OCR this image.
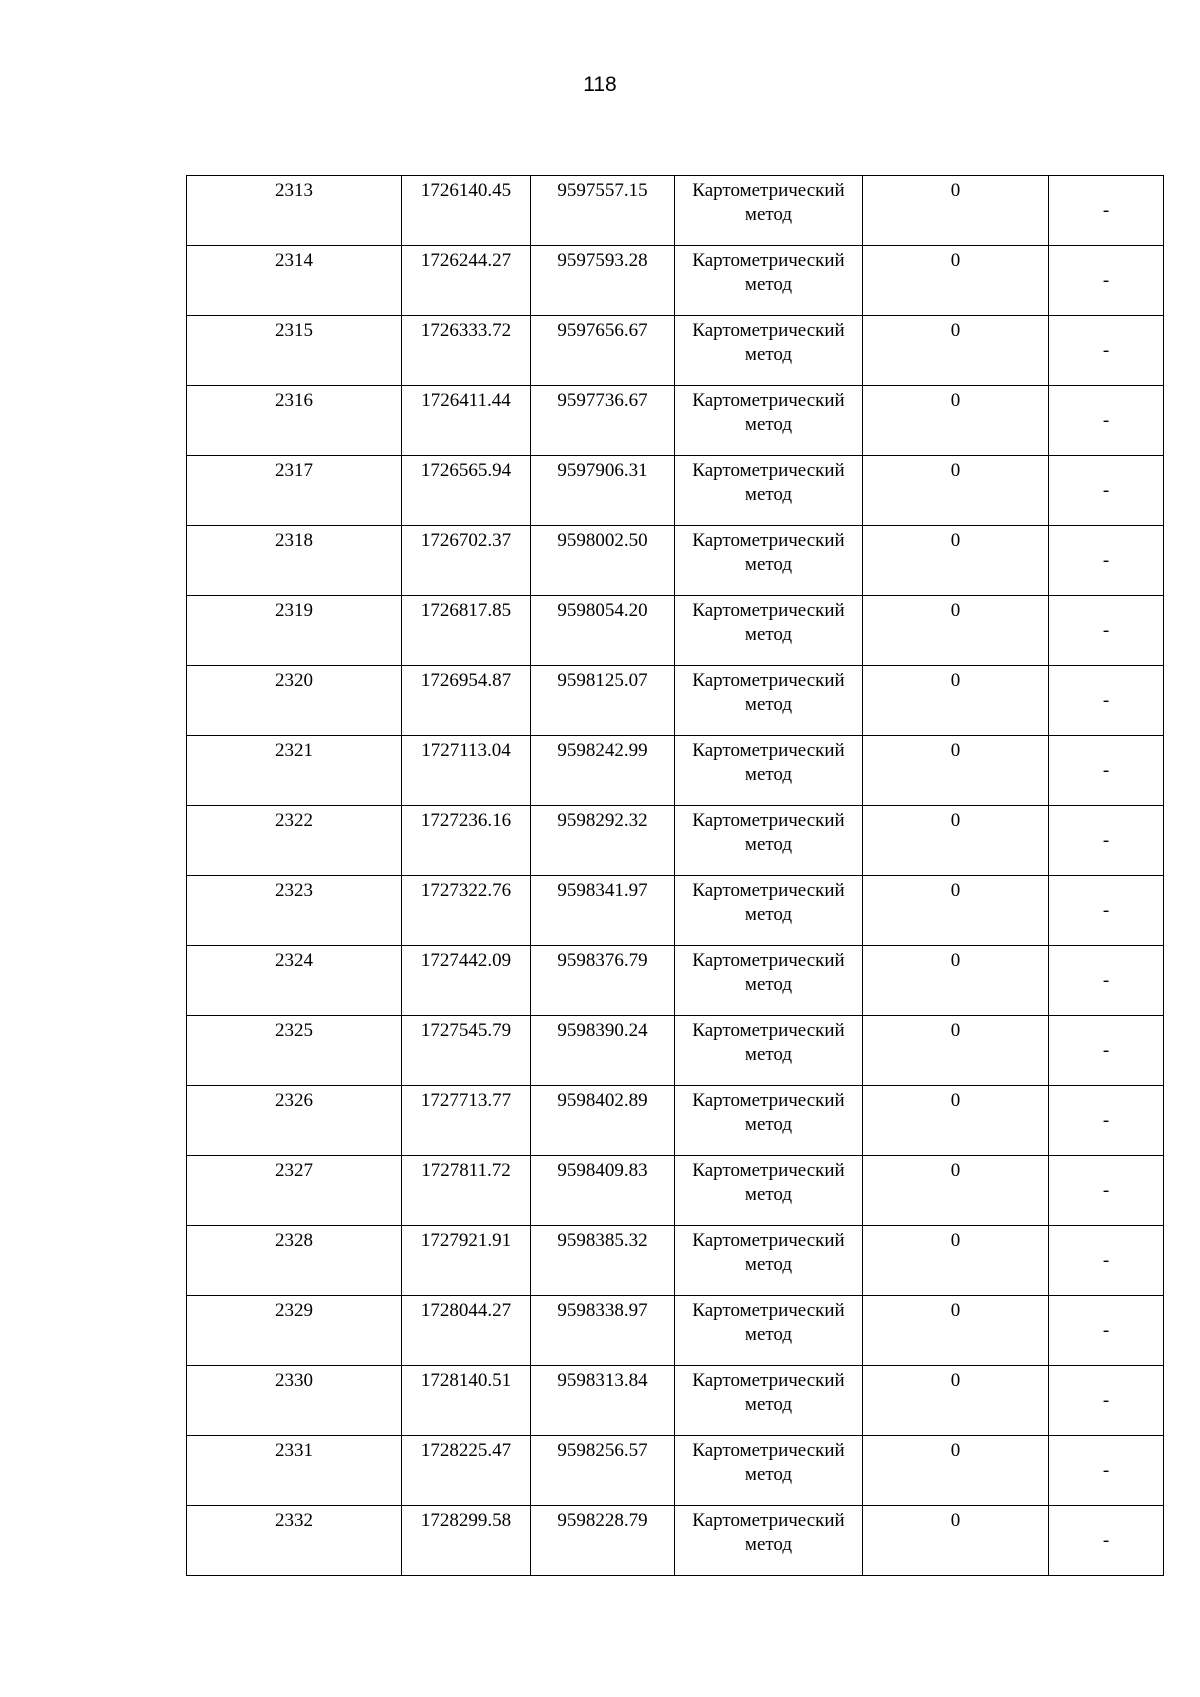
118
2313	1726140.45	9597557.15	Картометрический метод	0	-

2314	1726244.27	9597593.28	Картометрический метод	0	-

2315	1726333.72	9597656.67	Картометрический метод	0	-

2316	1726411.44	9597736.67	Картометрический метод	0	-

2317	1726565.94	9597906.31	Картометрический метод	0	-

2318	1726702.37	9598002.50	Картометрический метод	0	-

2319	1726817.85	9598054.20	Картометрический метод	0	-

2320	1726954.87	9598125.07	Картометрический метод	0	-

2321	1727113.04	9598242.99	Картометрический метод	0	-

2322	1727236.16	9598292.32	Картометрический метод	0	-

2323	1727322.76	9598341.97	Картометрический метод	0	-

2324	1727442.09	9598376.79	Картометрический метод	0	-

2325	1727545.79	9598390.24	Картометрический метод	0	-

2326	1727713.77	9598402.89	Картометрический метод	0	-

2327	1727811.72	9598409.83	Картометрический метод	0	-

2328	1727921.91	9598385.32	Картометрический метод	0	-

2329	1728044.27	9598338.97	Картометрический метод	0	-

2330	1728140.51	9598313.84	Картометрический метод	0	-

2331	1728225.47	9598256.57	Картометрический метод	0	-

2332	1728299.58	9598228.79	Картометрический метод	0	-
